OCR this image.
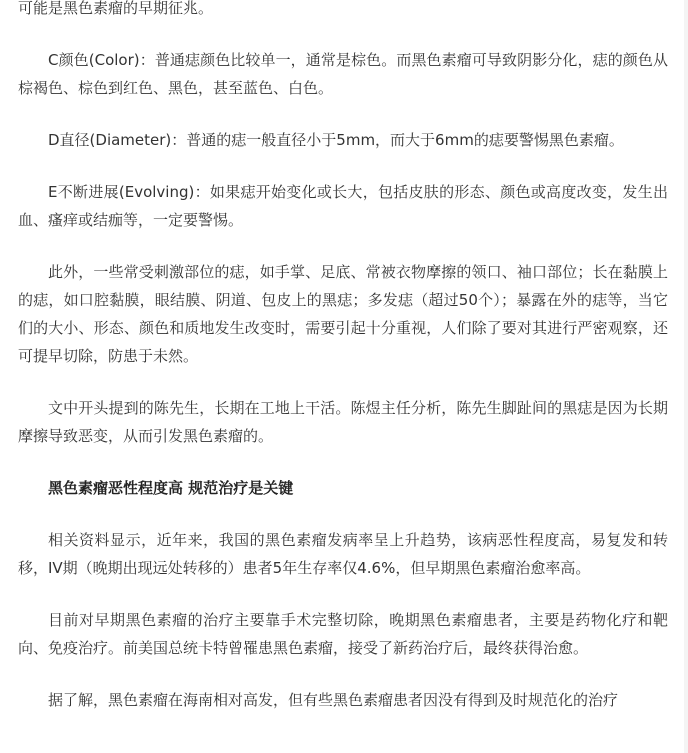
可能是黑色素瘤的早期征兆。

C颜色(Color)：普通痣颜色比较单一，通常是棕色。而黑色素瘤可导致阴影分化，痣的颜色从棕褐色、棕色到红色、黑色，甚至蓝色、白色。

D直径(Diameter)：普通的痣一般直径小于5mm，而大于6mm的痣要警惕黑色素瘤。

E不断进展(Evolving)：如果痣开始变化或长大，包括皮肤的形态、颜色或高度改变，发生出血、瘙痒或结痂等，一定要警惕。

此外，一些常受刺激部位的痣，如手掌、足底、常被衣物摩擦的领口、袖口部位；长在黏膜上的痣，如口腔黏膜，眼结膜、阴道、包皮上的黑痣；多发痣（超过50个）；暴露在外的痣等，当它们的大小、形态、颜色和质地发生改变时，需要引起十分重视，人们除了要对其进行严密观察，还可提早切除，防患于未然。

文中开头提到的陈先生，长期在工地上干活。陈煜主任分析，陈先生脚趾间的黑痣是因为长期摩擦导致恶变，从而引发黑色素瘤的。

黑色素瘤恶性程度高 规范治疗是关键

相关资料显示，近年来，我国的黑色素瘤发病率呈上升趋势，该病恶性程度高，易复发和转移，IV期（晚期出现远处转移的）患者5年生存率仅4.6%，但早期黑色素瘤治愈率高。

目前对早期黑色素瘤的治疗主要靠手术完整切除，晚期黑色素瘤患者，主要是药物化疗和靶向、免疫治疗。前美国总统卡特曾罹患黑色素瘤，接受了新药治疗后，最终获得治愈。

据了解，黑色素瘤在海南相对高发，但有些黑色素瘤患者因没有得到及时规范化的治疗
